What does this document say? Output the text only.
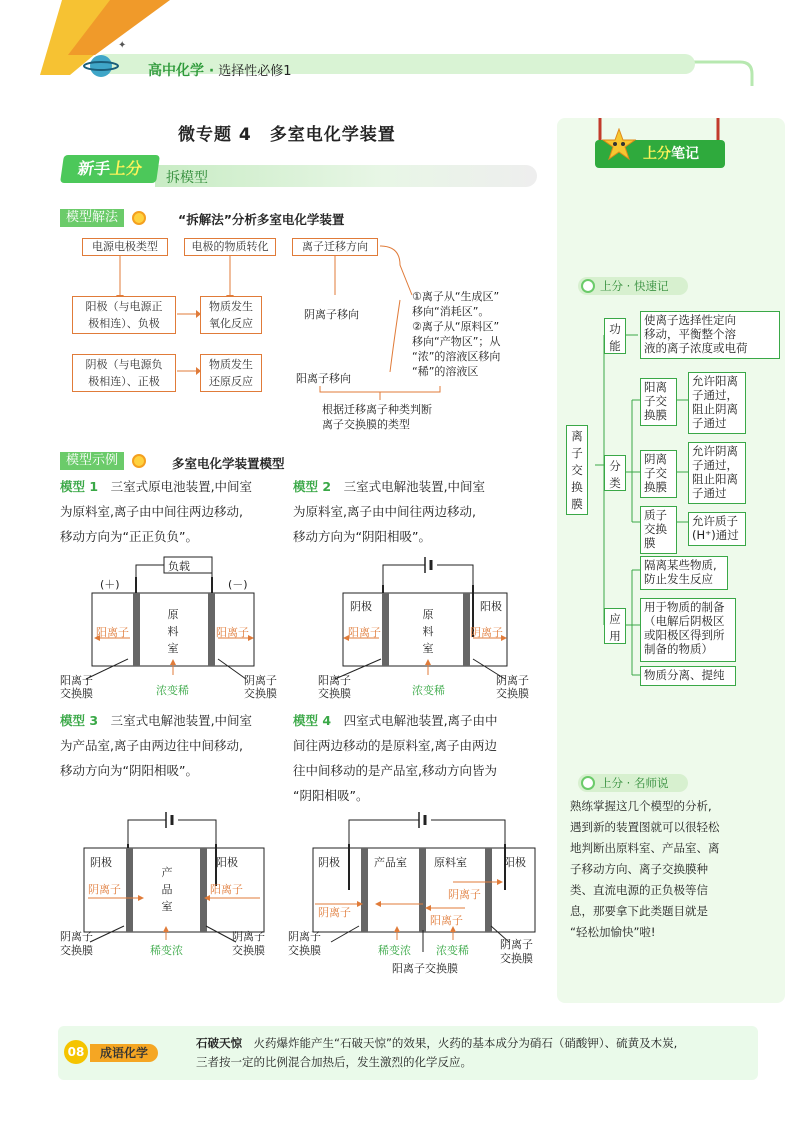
✦
高中化学 · 选择性必修1
微专题 4　多室电化学装置
新手上分	拆模型
模型解法	“拆解法”分析多室电化学装置
电源电极类型	电极的物质转化	离子迁移方向
阳极（与电源正
极相连）、负极
物质发生
氧化反应
阴极（与电源负
极相连）、正极
物质发生
还原反应
阴离子移向
阳离子移向
①离子从“生成区”
移向“消耗区”。
②离子从“原料区”
移向“产物区”；从
“浓”的溶液区移向
“稀”的溶液区
根据迁移离子种类判断
离子交换膜的类型
模型示例	多室电化学装置模型
模型 1　 三室式原电池装置,中间室
为原料室,离子由中间往两边移动,
移动方向为“正正负负”。
模型 2　 三室式电解池装置,中间室
为原料室,离子由中间往两边移动,
移动方向为“阴阳相吸”。
负载
(＋)	(－)
原
料
室
阳离子	阳离子
阳离子
交换膜
阴离子
交换膜
浓变稀
阴极	阳极
原
料
室
阳离子	阴离子
阳离子
交换膜
阴离子
交换膜
浓变稀
模型 3　 三室式电解池装置,中间室
为产品室,离子由两边往中间移动,
移动方向为“阴阳相吸”。
模型 4　 四室式电解池装置,离子由中
间往两边移动的是原料室,离子由两边
往中间移动的是产品室,移动方向皆为
“阴阳相吸”。
阴极	阳极
产
品
室
阴离子	阳离子
阴离子
交换膜
阴离子
交换膜
稀变浓
阴极	阳极
产品室 原料室
阴离子
阴离子
阳离子
阴离子
交换膜	阴离子
交换膜
稀变浓 浓变稀
阳离子交换膜
上分笔记
上分 · 快速记
离子交换膜
功能
使离子选择性定向
移动，平衡整个溶
液的离子浓度或电荷
分类
阳离
子交
换膜
允许阳离
子通过，
阻止阴离
子通过
阴离
子交
换膜
允许阴离
子通过，
阻止阳离
子通过
质子
交换
膜
允许质子
(H⁺)通过
应用
隔离某些物质,
防止发生反应
用于物质的制备
（电解后阴极区
或阳极区得到所
制备的物质）
物质分离、提纯
上分 · 名师说
熟练掌握这几个模型的分析,
遇到新的装置图就可以很轻松
地判断出原料室、产品室、离
子移动方向、离子交换膜种
类、直流电源的正负极等信
息，那要拿下此类题目就是
“轻松加愉快”啦!
成语化学
08
石破天惊　 火药爆炸能产生“石破天惊”的效果，火药的基本成分为硝石（硝酸钾）、硫黄及木炭,
三者按一定的比例混合加热后，发生激烈的化学反应。
